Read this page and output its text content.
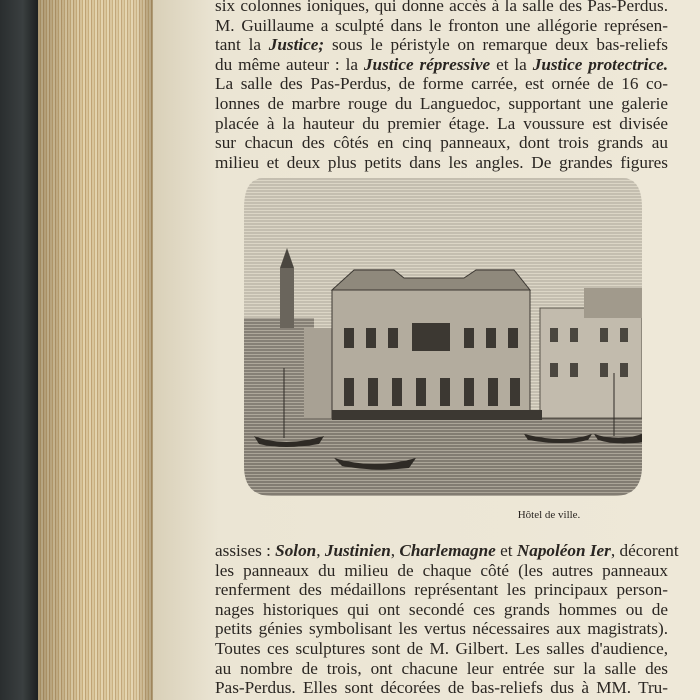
six colonnes ioniques, qui donne accès à la salle des Pas-Perdus.
M. Guillaume a sculpté dans le fronton une allégorie représen-
tant la Justice; sous le péristyle on remarque deux bas-reliefs
du même auteur : la Justice répressive et la Justice protectrice.
La salle des Pas-Perdus, de forme carrée, est ornée de 16 co-
lonnes de marbre rouge du Languedoc, supportant une galerie
placée à la hauteur du premier étage. La voussure est divisée
sur chacun des côtés en cinq panneaux, dont trois grands au
milieu et deux plus petits dans les angles. De grandes figures
Hôtel de ville.
assises : Solon, Justinien, Charlemagne et Napoléon Ier, décorent
les panneaux du milieu de chaque côté (les autres panneaux
renferment des médaillons représentant les principaux person-
nages historiques qui ont secondé ces grands hommes ou de
petits génies symbolisant les vertus nécessaires aux magistrats).
Toutes ces sculptures sont de M. Gilbert. Les salles d'audience,
au nombre de trois, ont chacune leur entrée sur la salle des
Pas-Perdus. Elles sont décorées de bas-reliefs dus à MM. Tru-
